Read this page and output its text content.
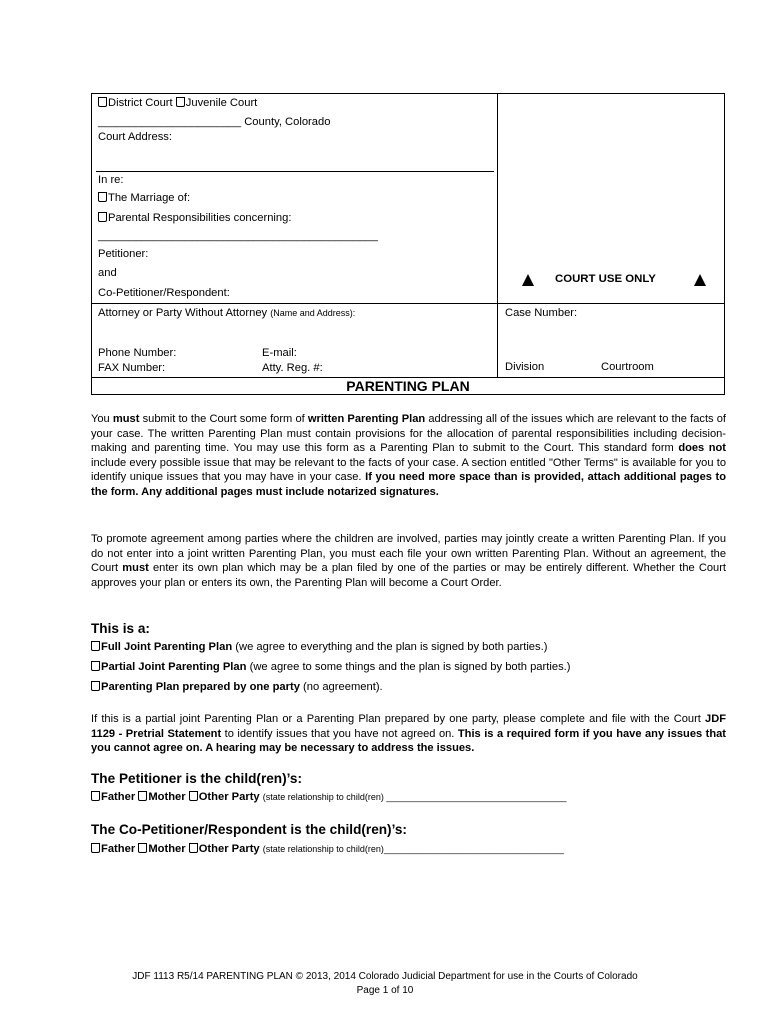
District Court Juvenile Court
_______________________ County, Colorado
Court Address:
In re:
The Marriage of:
Parental Responsibilities concerning:
_____________________________________________
Petitioner:
and
Co-Petitioner/Respondent:
COURT USE ONLY
Attorney or Party Without Attorney (Name and Address):	Case Number:
Phone Number:	E-mail:
FAX Number:	Atty. Reg. #:	Division	Courtroom
PARENTING PLAN
You must submit to the Court some form of written Parenting Plan addressing all of the issues which are relevant to the facts of your case. The written Parenting Plan must contain provisions for the allocation of parental responsibilities including decision-making and parenting time. You may use this form as a Parenting Plan to submit to the Court. This standard form does not include every possible issue that may be relevant to the facts of your case. A section entitled "Other Terms" is available for you to identify unique issues that you may have in your case. If you need more space than is provided, attach additional pages to the form. Any additional pages must include notarized signatures.
To promote agreement among parties where the children are involved, parties may jointly create a written Parenting Plan. If you do not enter into a joint written Parenting Plan, you must each file your own written Parenting Plan. Without an agreement, the Court must enter its own plan which may be a plan filed by one of the parties or may be entirely different. Whether the Court approves your plan or enters its own, the Parenting Plan will become a Court Order.
This is a:
Full Joint Parenting Plan (we agree to everything and the plan is signed by both parties.)
Partial Joint Parenting Plan (we agree to some things and the plan is signed by both parties.)
Parenting Plan prepared by one party (no agreement).
If this is a partial joint Parenting Plan or a Parenting Plan prepared by one party, please complete and file with the Court JDF 1129 - Pretrial Statement to identify issues that you have not agreed on. This is a required form if you have any issues that you cannot agree on. A hearing may be necessary to address the issues.
The Petitioner is the child(ren)’s:
Father Mother Other Party (state relationship to child(ren) ____________________________________
The Co-Petitioner/Respondent is the child(ren)’s:
Father Mother Other Party (state relationship to child(ren)____________________________________
JDF 1113 R5/14 PARENTING PLAN © 2013, 2014 Colorado Judicial Department for use in the Courts of Colorado
Page 1 of 10
